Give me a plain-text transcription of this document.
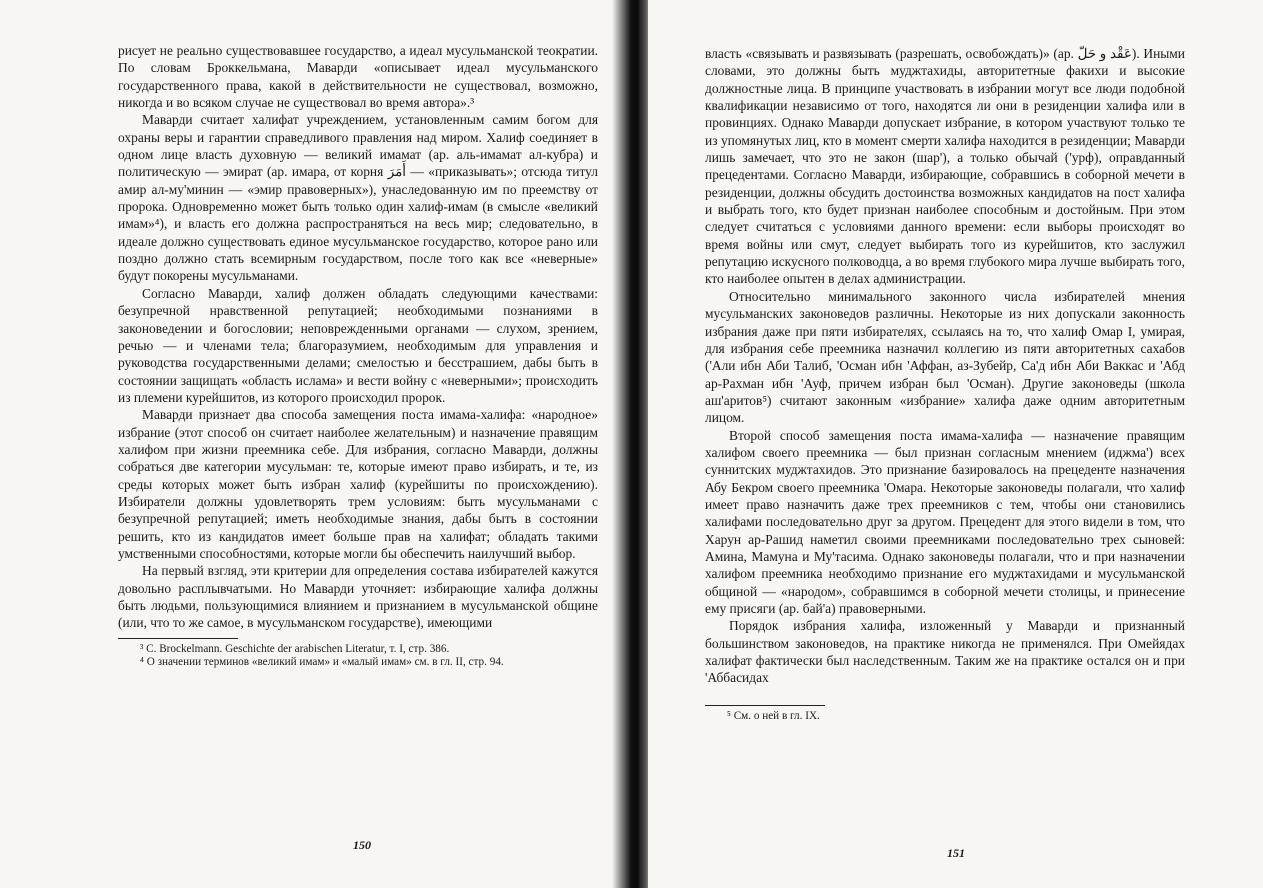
рисует не реально существовавшее государство, а идеал мусульманской теократии. По словам Броккельмана, Маварди «описывает идеал мусульманского государственного права, какой в действительности не существовал, возможно, никогда и во всяком случае не существовал во время автора».³

Маварди считает халифат учреждением, установленным самим богом для охраны веры и гарантии справедливого правления над миром. Халиф соединяет в одном лице власть духовную — великий имамат (ар. аль-имамат ал-кубра) и политическую — эмират (ар. имара, от корня أَمَرَ — «приказывать»; отсюда титул амир ал-му'минин — «эмир правоверных»), унаследованную им по преемству от пророка. Одновременно может быть только один халиф-имам (в смысле «великий имам»⁴), и власть его должна распространяться на весь мир; следовательно, в идеале должно существовать единое мусульманское государство, которое рано или поздно должно стать всемирным государством, после того как все «неверные» будут покорены мусульманами.

Согласно Маварди, халиф должен обладать следующими качествами: безупречной нравственной репутацией; необходимыми познаниями в законоведении и богословии; неповрежденными органами — слухом, зрением, речью — и членами тела; благоразумием, необходимым для управления и руководства государственными делами; смелостью и бесстрашием, дабы быть в состоянии защищать «область ислама» и вести войну с «неверными»; происходить из племени курейшитов, из которого происходил пророк.

Маварди признает два способа замещения поста имама-халифа: «народное» избрание (этот способ он считает наиболее желательным) и назначение правящим халифом при жизни преемника себе. Для избрания, согласно Маварди, должны собраться две категории мусульман: те, которые имеют право избирать, и те, из среды которых может быть избран халиф (курейшиты по происхождению). Избиратели должны удовлетворять трем условиям: быть мусульманами с безупречной репутацией; иметь необходимые знания, дабы быть в состоянии решить, кто из кандидатов имеет больше прав на халифат; обладать такими умственными способностями, которые могли бы обеспечить наилучший выбор.

На первый взгляд, эти критерии для определения состава избирателей кажутся довольно расплывчатыми. Но Маварди уточняет: избирающие халифа должны быть людьми, пользующимися влиянием и признанием в мусульманской общине (или, что то же самое, в мусульманском государстве), имеющими

³ C. Brockelmann. Geschichte der arabischen Literatur, т. I, стр. 386.

⁴ О значении терминов «великий имам» и «малый имам» см. в гл. II, стр. 94.

150

власть «связывать и развязывать (разрешать, освобождать)» (ар. عَقْد و حَلّ). Иными словами, это должны быть муджтахиды, авторитетные факихи и высокие должностные лица. В принципе участвовать в избрании могут все люди подобной квалификации независимо от того, находятся ли они в резиденции халифа или в провинциях. Однако Маварди допускает избрание, в котором участвуют только те из упомянутых лиц, кто в момент смерти халифа находится в резиденции; Маварди лишь замечает, что это не закон (шар'), а только обычай ('урф), оправданный прецедентами. Согласно Маварди, избирающие, собравшись в соборной мечети в резиденции, должны обсудить достоинства возможных кандидатов на пост халифа и выбрать того, кто будет признан наиболее способным и достойным. При этом следует считаться с условиями данного времени: если выборы происходят во время войны или смут, следует выбирать того из курейшитов, кто заслужил репутацию искусного полководца, а во время глубокого мира лучше выбирать того, кто наиболее опытен в делах администрации.

Относительно минимального законного числа избирателей мнения мусульманских законоведов различны. Некоторые из них допускали законность избрания даже при пяти избирателях, ссылаясь на то, что халиф Омар I, умирая, для избрания себе преемника назначил коллегию из пяти авторитетных сахабов ('Али ибн Аби Талиб, 'Осман ибн 'Аффан, аз-Зубейр, Са'д ибн Аби Ваккас и 'Абд ар-Рахман ибн 'Ауф, причем избран был 'Осман). Другие законоведы (школа аш'аритов⁵) считают законным «избрание» халифа даже одним авторитетным лицом.

Второй способ замещения поста имама-халифа — назначение правящим халифом своего преемника — был признан согласным мнением (иджма') всех суннитских муджтахидов. Это признание базировалось на прецеденте назначения Абу Бекром своего преемника 'Омара. Некоторые законоведы полагали, что халиф имеет право назначить даже трех преемников с тем, чтобы они становились халифами последовательно друг за другом. Прецедент для этого видели в том, что Харун ар-Рашид наметил своими преемниками последовательно трех сыновей: Амина, Мамуна и Му'тасима. Однако законоведы полагали, что и при назначении халифом преемника необходимо признание его муджтахидами и мусульманской общиной — «народом», собравшимся в соборной мечети столицы, и принесение ему присяги (ар. бай'а) правоверными.

Порядок избрания халифа, изложенный у Маварди и признанный большинством законоведов, на практике никогда не применялся. При Омейядах халифат фактически был наследственным. Таким же на практике остался он и при 'Аббасидах

⁵ См. о ней в гл. IX.

151
